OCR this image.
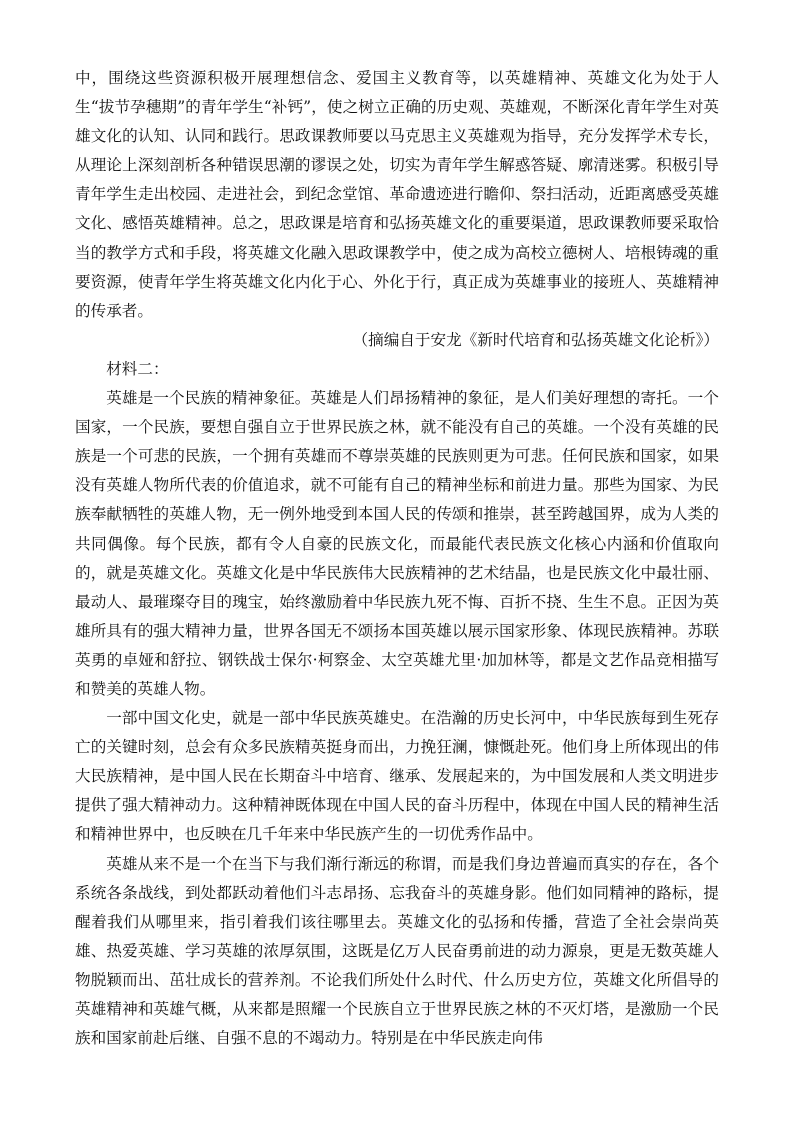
中，围绕这些资源积极开展理想信念、爱国主义教育等，以英雄精神、英雄文化为处于人生“拔节孕穗期”的青年学生“补钙”，使之树立正确的历史观、英雄观，不断深化青年学生对英雄文化的认知、认同和践行。思政课教师要以马克思主义英雄观为指导，充分发挥学术专长，从理论上深刻剖析各种错误思潮的谬误之处，切实为青年学生解惑答疑、廓清迷雾。积极引导青年学生走出校园、走进社会，到纪念堂馆、革命遗迹进行瞻仰、祭扫活动，近距离感受英雄文化、感悟英雄精神。总之，思政课是培育和弘扬英雄文化的重要渠道，思政课教师要采取恰当的教学方式和手段，将英雄文化融入思政课教学中，使之成为高校立德树人、培根铸魂的重要资源，使青年学生将英雄文化内化于心、外化于行，真正成为英雄事业的接班人、英雄精神的传承者。

（摘编自于安龙《新时代培育和弘扬英雄文化论析》）

材料二：

英雄是一个民族的精神象征。英雄是人们昂扬精神的象征，是人们美好理想的寄托。一个国家，一个民族，要想自强自立于世界民族之林，就不能没有自己的英雄。一个没有英雄的民族是一个可悲的民族，一个拥有英雄而不尊崇英雄的民族则更为可悲。任何民族和国家，如果没有英雄人物所代表的价值追求，就不可能有自己的精神坐标和前进力量。那些为国家、为民族奉献牺牲的英雄人物，无一例外地受到本国人民的传颂和推崇，甚至跨越国界，成为人类的共同偶像。每个民族，都有令人自豪的民族文化，而最能代表民族文化核心内涵和价值取向的，就是英雄文化。英雄文化是中华民族伟大民族精神的艺术结晶，也是民族文化中最壮丽、最动人、最璀璨夺目的瑰宝，始终激励着中华民族九死不悔、百折不挠、生生不息。正因为英雄所具有的强大精神力量，世界各国无不颂扬本国英雄以展示国家形象、体现民族精神。苏联英勇的卓娅和舒拉、钢铁战士保尔·柯察金、太空英雄尤里·加加林等，都是文艺作品竞相描写和赞美的英雄人物。

一部中国文化史，就是一部中华民族英雄史。在浩瀚的历史长河中，中华民族每到生死存亡的关键时刻，总会有众多民族精英挺身而出，力挽狂澜，慷慨赴死。他们身上所体现出的伟大民族精神，是中国人民在长期奋斗中培育、继承、发展起来的，为中国发展和人类文明进步提供了强大精神动力。这种精神既体现在中国人民的奋斗历程中，体现在中国人民的精神生活和精神世界中，也反映在几千年来中华民族产生的一切优秀作品中。

英雄从来不是一个在当下与我们渐行渐远的称谓，而是我们身边普遍而真实的存在，各个系统各条战线，到处都跃动着他们斗志昂扬、忘我奋斗的英雄身影。他们如同精神的路标，提醒着我们从哪里来，指引着我们该往哪里去。英雄文化的弘扬和传播，营造了全社会崇尚英雄、热爱英雄、学习英雄的浓厚氛围，这既是亿万人民奋勇前进的动力源泉，更是无数英雄人物脱颖而出、茁壮成长的营养剂。不论我们所处什么时代、什么历史方位，英雄文化所倡导的英雄精神和英雄气概，从来都是照耀一个民族自立于世界民族之林的不灭灯塔，是激励一个民族和国家前赴后继、自强不息的不竭动力。特别是在中华民族走向伟
